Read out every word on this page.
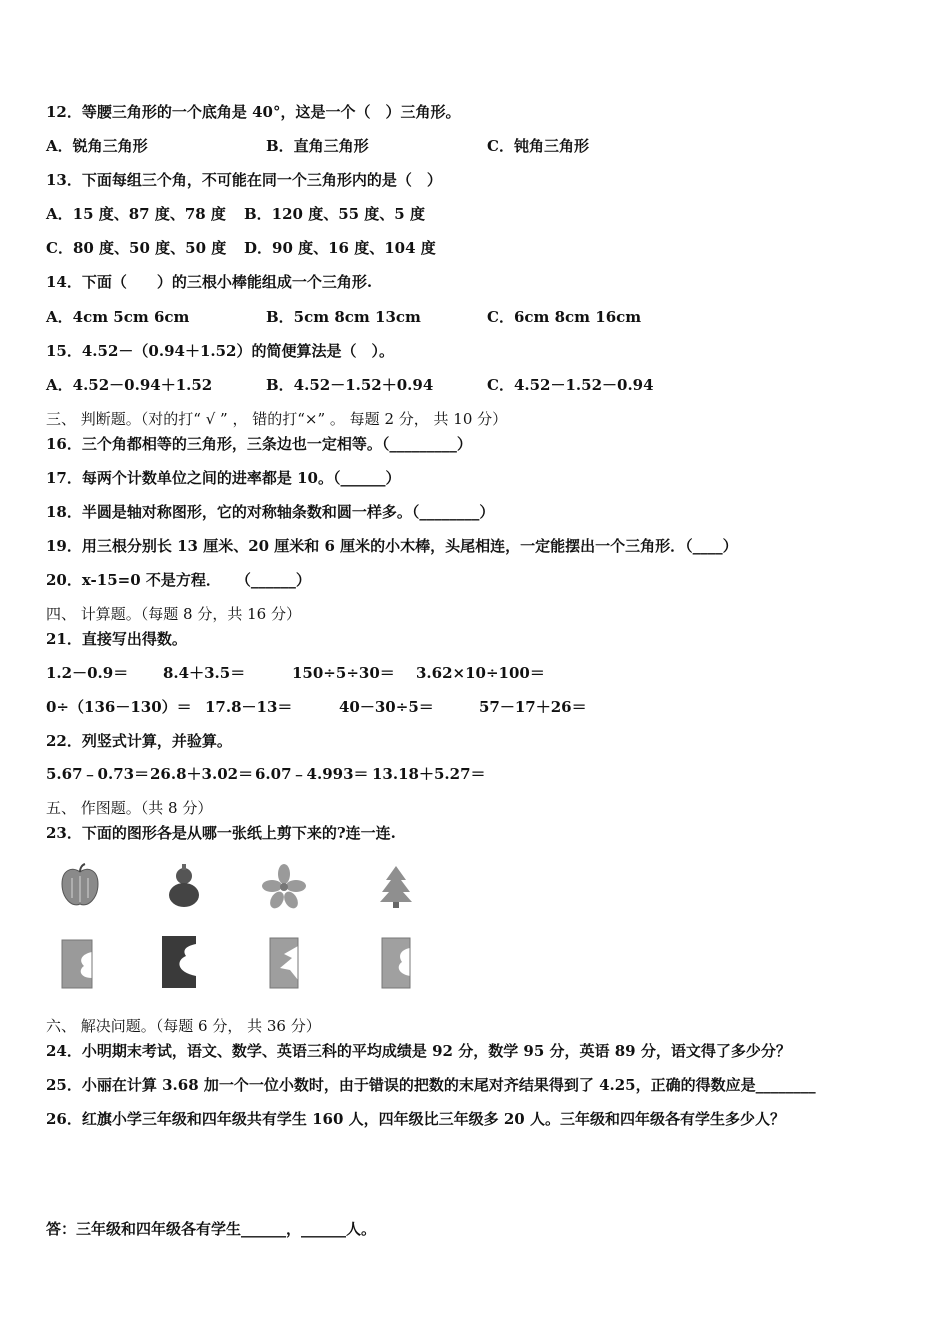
12．等腰三角形的一个底角是 40°，这是一个（　）三角形。
A．锐角三角形	B．直角三角形	C．钝角三角形
13．下面每组三个角，不可能在同一个三角形内的是（　）
A．15 度、87 度、78 度 B．120 度、55 度、5 度
C．80 度、50 度、50 度 D．90 度、16 度、104 度
14．下面（　　）的三根小棒能组成一个三角形.
A．4cm 5cm 6cm	B．5cm 8cm 13cm	C．6cm 8cm 16cm
15．4.52－（0.94＋1.52）的简便算法是（　）。
A．4.52－0.94＋1.52	B．4.52－1.52＋0.94	C．4.52－1.52－0.94
三、 判断题。（对的打“ √ ” ， 错的打“×” 。 每题 2 分， 共 10 分）
16．三个角都相等的三角形，三条边也一定相等。（_________）
17．每两个计数单位之间的进率都是 10。（______）
18．半圆是轴对称图形，它的对称轴条数和圆一样多。（________）
19．用三根分别长 13 厘米、20 厘米和 6 厘米的小木棒，头尾相连，一定能摆出一个三角形．（____）
20．x-15=0 不是方程．　　（______）
四、 计算题。（每题 8 分，共 16 分）
21．直接写出得数。
1.2－0.9＝ 8.4＋3.5＝	150÷5÷30＝ 3.62×10÷100＝
0÷（136－130）＝ 17.8－13＝	40－30÷5＝	57－17＋26＝
22．列竖式计算，并验算。
5.67﹣0.73＝ 26.8＋3.02＝ 6.07﹣4.993＝ 13.18＋5.27＝
五、 作图题。（共 8 分）
23．下面的图形各是从哪一张纸上剪下来的?连一连.
六、 解决问题。（每题 6 分， 共 36 分）
24．小明期末考试，语文、数学、英语三科的平均成绩是 92 分，数学 95 分，英语 89 分，语文得了多少分？
25．小丽在计算 3.68 加一个一位小数时，由于错误的把数的末尾对齐结果得到了 4.25，正确的得数应是________
26．红旗小学三年级和四年级共有学生 160 人，四年级比三年级多 20 人。三年级和四年级各有学生多少人？
答：三年级和四年级各有学生______，______人。
